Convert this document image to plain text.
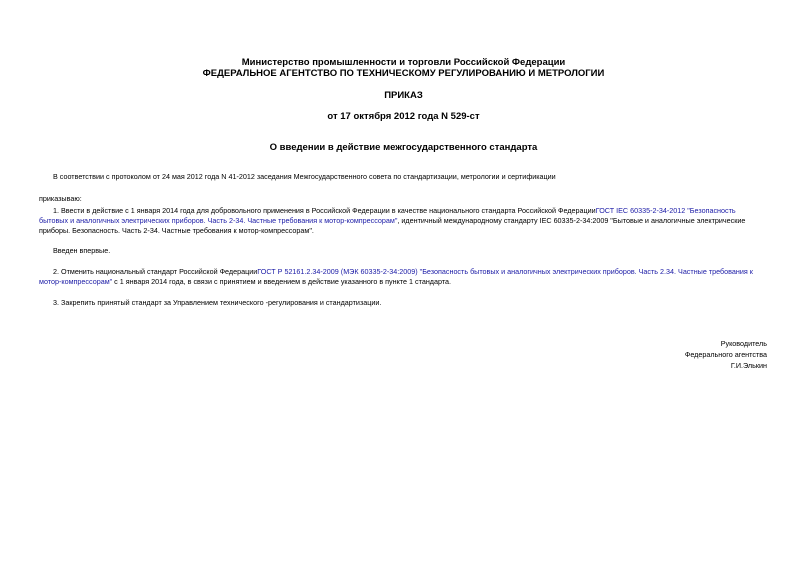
Министерство промышленности и торговли Российской Федерации
ФЕДЕРАЛЬНОЕ АГЕНТСТВО ПО ТЕХНИЧЕСКОМУ РЕГУЛИРОВАНИЮ И МЕТРОЛОГИИ
ПРИКАЗ
от 17 октября 2012 года N 529-ст
О введении в действие межгосударственного стандарта
В соответствии с протоколом от 24 мая 2012 года N 41-2012 заседания Межгосударственного совета по стандартизации, метрологии и сертификации
приказываю:
1. Ввести в действие с 1 января 2014 года для добровольного применения в Российской Федерации в качестве национального стандарта Российской ФедерацииГОСТ IEC 60335-2-34-2012 "Безопасность
бытовых и аналогичных электрических приборов. Часть 2-34. Частные требования к мотор-компрессорам", идентичный международному стандарту IEC 60335-2-34:2009 "Бытовые и аналогичные электрические
приборы. Безопасность. Часть 2-34. Частные требования к мотор-компрессорам".
Введен впервые.
2. Отменить национальный стандарт Российской ФедерацииГОСТ Р 52161.2.34-2009 (МЭК 60335-2-34:2009) "Безопасность бытовых и аналогичных электрических приборов. Часть 2.34. Частные требования к
мотор-компрессорам" с 1 января 2014 года, в связи с принятием и введением в действие указанного в пункте 1 стандарта.
3. Закрепить принятый стандарт за Управлением технического -регулирования и стандартизации.
Руководитель
Федерального агентства
Г.И.Элькин
